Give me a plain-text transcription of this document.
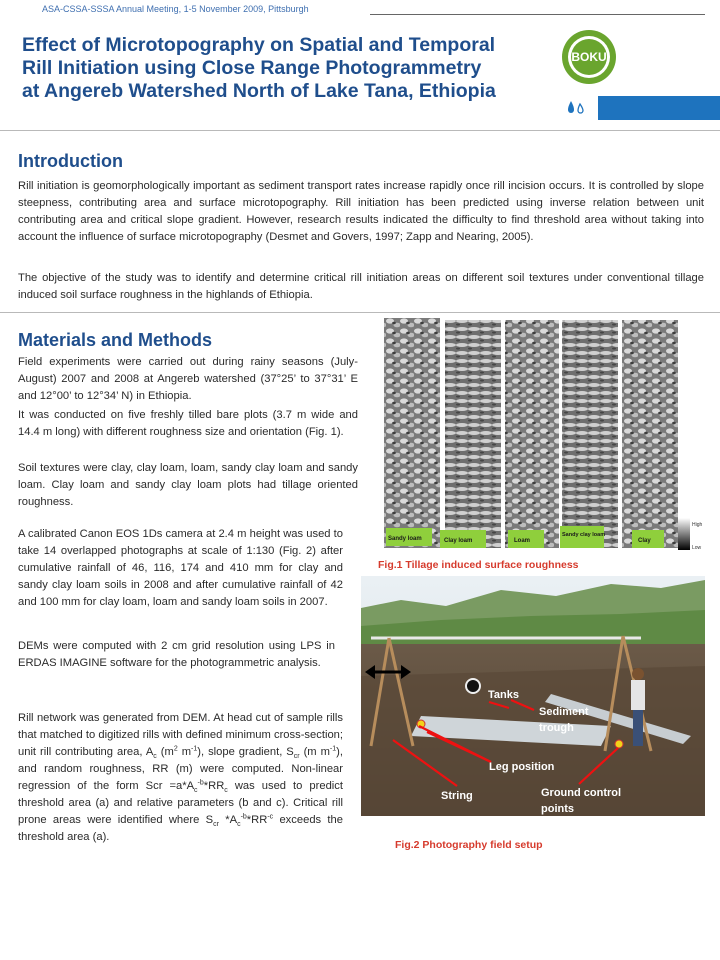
ASA-CSSA-SSSA Annual Meeting, 1-5 November 2009, Pittsburgh
Effect of Microtopography on Spatial and Temporal
Rill Initiation using Close Range Photogrammetry
at Angereb Watershed North of Lake Tana, Ethiopia
BOKU
Introduction
Rill initiation is geomorphologically important as sediment transport rates increase rapidly once rill incision occurs. It is controlled by slope steepness, contributing area and surface microtopography. Rill initiation has been predicted using inverse relation between unit contributing area and critical slope gradient. However, research results indicated the difficulty to find threshold area without taking into account the influence of surface microtopography (Desmet and Govers, 1997; Zapp and Nearing, 2005).
The objective of the study was to identify and determine critical rill initiation areas on different soil textures under conventional tillage induced soil surface roughness in the highlands of Ethiopia.
Materials and Methods
Field experiments were carried out during rainy seasons (July-August) 2007 and 2008 at Angereb watershed (37°25’ to 37°31’ E and 12°00’ to 12°34’ N) in Ethiopia.
It was conducted on five freshly tilled bare plots (3.7 m wide and 14.4 m long) with different roughness size and orientation (Fig. 1).
Soil textures were clay, clay loam, loam, sandy clay loam and sandy loam. Clay loam and sandy clay loam plots had tillage oriented roughness.
A calibrated Canon EOS 1Ds camera at 2.4 m height was used to take 14 overlapped photographs at scale of 1:130 (Fig. 2) after cumulative rainfall of 46, 116, 174 and 410 mm for clay and sandy clay loam soils in 2008 and after cumulative rainfall of 42 and 100 mm for clay loam, loam and sandy loam soils in 2007.
DEMs were computed with 2 cm grid resolution using LPS in ERDAS IMAGINE software for the photogrammetric analysis.
Rill network was generated from DEM. At head cut of sample rills that matched to digitized rills with defined minimum cross-section; unit rill contributing area, $A_c$ ($m^2$ $m^{-1}$), slope gradient, $S_{cr}$ (m $m^{-1}$), and random roughness, RR (m) were computed. Non-linear regression of the form Scr $=a*A_c^{-b}*RR_c$ was used to predict threshold area (a) and relative parameters (b and c). Critical rill prone areas were identified where $S_{cr}$ $*A_c^{-b}*RR^{-c}$ exceeds the threshold area (a).
Sandy loam	Clay loam	Loam
Sandy clay loam
Clay
High
Low
Fig.1 Tillage induced surface roughness
Tanks
Sediment
trough
Leg position
String	Ground control
points
Fig.2 Photography field setup
